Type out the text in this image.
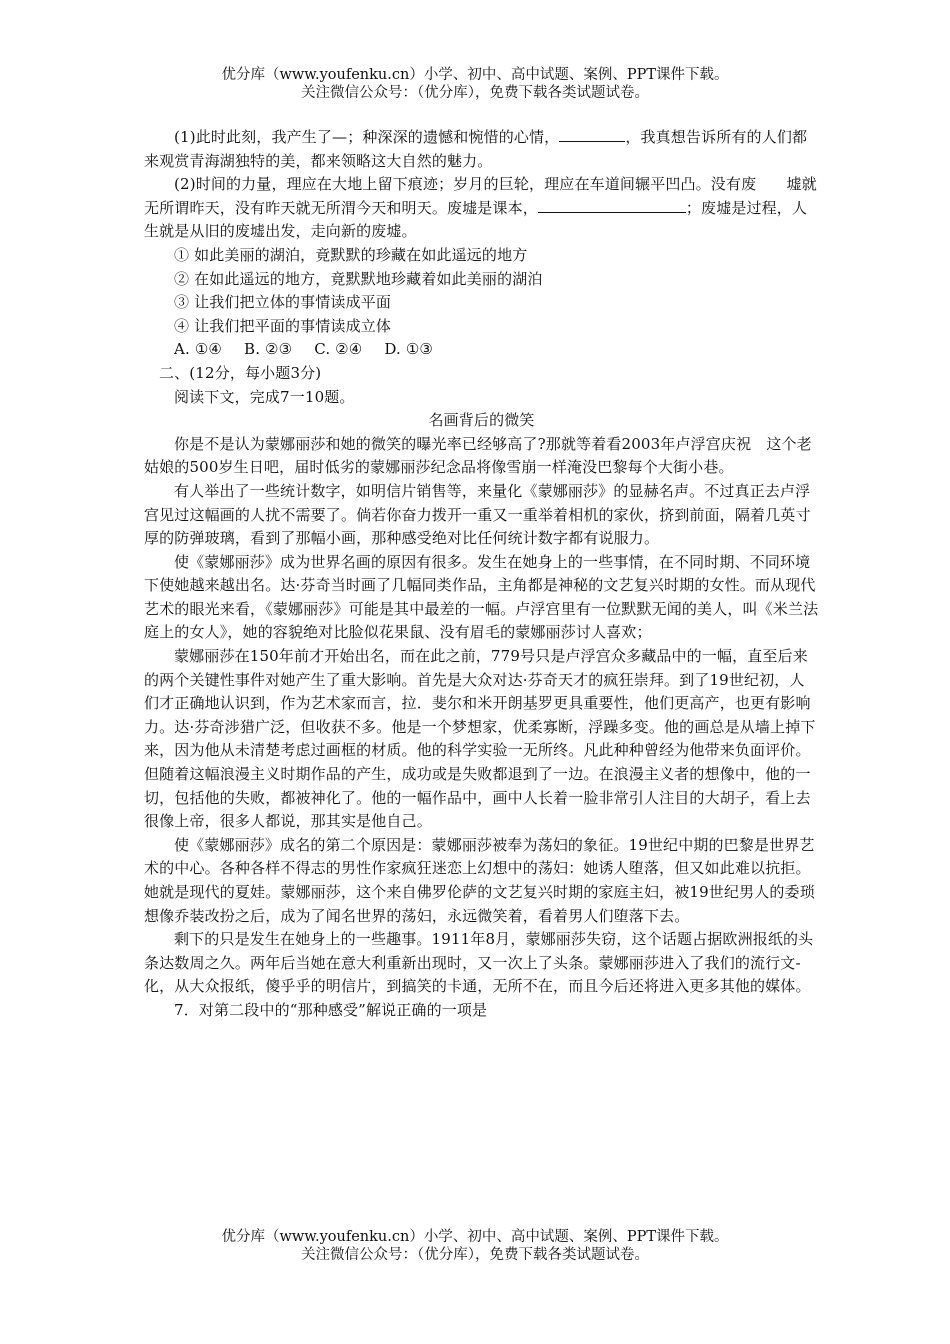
优分库（www.youfenku.cn）小学、初中、高中试题、案例、PPT课件下载。
关注微信公众号：（优分库），免费下载各类试题试卷。

(1)此时此刻，我产生了—；种深深的遗憾和惋惜的心情，	，我真想告诉所有的人们都来观赏青海湖独特的美，都来领略这大自然的魅力。

(2)时间的力量，理应在大地上留下痕迹；岁月的巨轮，理应在车道间辗平凹凸。没有废　　墟就无所谓昨天，没有昨天就无所渭今天和明天。废墟是课本，	；废墟是过程，人生就是从旧的废墟出发，走向新的废墟。

① 如此美丽的湖泊，竟默默的珍藏在如此遥远的地方

② 在如此遥远的地方，竟默默地珍藏着如此美丽的湖泊

③ 让我们把立体的事情读成平面

④ 让我们把平面的事情读成立体

A. ①④ B. ②③ C. ②④ D. ①③

二、(12分，每小题3分)

阅读下文，完成7一10题。

名画背后的微笑

你是不是认为蒙娜丽莎和她的微笑的曝光率已经够高了?那就等着看2003年卢浮宫庆祝　这个老姑娘的500岁生日吧，届时低劣的蒙娜丽莎纪念品将像雪崩一样淹没巴黎每个大街小巷。

有人举出了一些统计数字，如明信片销售等，来量化《蒙娜丽莎》的显赫名声。不过真正去卢浮宫见过这幅画的人扰不需要了。倘若你奋力拨开一重又一重举着相机的家伙，挤到前面，隔着几英寸厚的防弹玻璃，看到了那幅小画，那种感受绝对比任何统计数字都有说服力。

使《蒙娜丽莎》成为世界名画的原因有很多。发生在她身上的一些事情，在不同时期、不同环境下使她越来越出名。达·芬奇当时画了几幅同类作品，主角都是神秘的文艺复兴时期的女性。而从现代艺术的眼光来看，《蒙娜丽莎》可能是其中最差的一幅。卢浮宫里有一位默默无闻的美人，叫《米兰法庭上的女人》，她的容貌绝对比脸似花果鼠、没有眉毛的蒙娜丽莎讨人喜欢；

蒙娜丽莎在150年前才开始出名，而在此之前，779号只是卢浮宫众多藏品中的一幅，直至后来的两个关键性事件对她产生了重大影响。首先是大众对达·芬奇天才的疯狂崇拜。到了19世纪初，人们才正确地认识到，作为艺术家而言，拉．斐尔和米开朗基罗更具重要性，他们更高产，也更有影响力。达·芬奇涉猎广泛，但收获不多。他是一个梦想家，优柔寡断，浮躁多变。他的画总是从墙上掉下来，因为他从未清楚考虑过画框的材质。他的科学实验一无所终。凡此种种曾经为他带来负面评价。但随着这幅浪漫主义时期作品的产生，成功或是失败都退到了一边。在浪漫主义者的想像中，他的一切，包括他的失败，都被神化了。他的一幅作品中，画中人长着一脸非常引人注目的大胡子，看上去很像上帝，很多人都说，那其实是他自己。

使《蒙娜丽莎》成名的第二个原因是：蒙娜丽莎被奉为荡妇的象征。19世纪中期的巴黎是世界艺术的中心。各种各样不得志的男性作家疯狂迷恋上幻想中的荡妇：她诱人堕落，但又如此难以抗拒。她就是现代的夏娃。蒙娜丽莎，这个来自佛罗伦萨的文艺复兴时期的家庭主妇，被19世纪男人的委琐想像乔装改扮之后，成为了闻名世界的荡妇，永远微笑着，看着男人们堕落下去。

剩下的只是发生在她身上的一些趣事。1911年8月，蒙娜丽莎失窃，这个话题占据欧洲报纸的头条达数周之久。两年后当她在意大利重新出现时，又一次上了头条。蒙娜丽莎进入了我们的流行文-化，从大众报纸，傻乎乎的明信片，到搞笑的卡通，无所不在，而且今后还将进入更多其他的媒体。

7．对第二段中的“那种感受”解说正确的一项是

优分库（www.youfenku.cn）小学、初中、高中试题、案例、PPT课件下载。
关注微信公众号：（优分库），免费下载各类试题试卷。
